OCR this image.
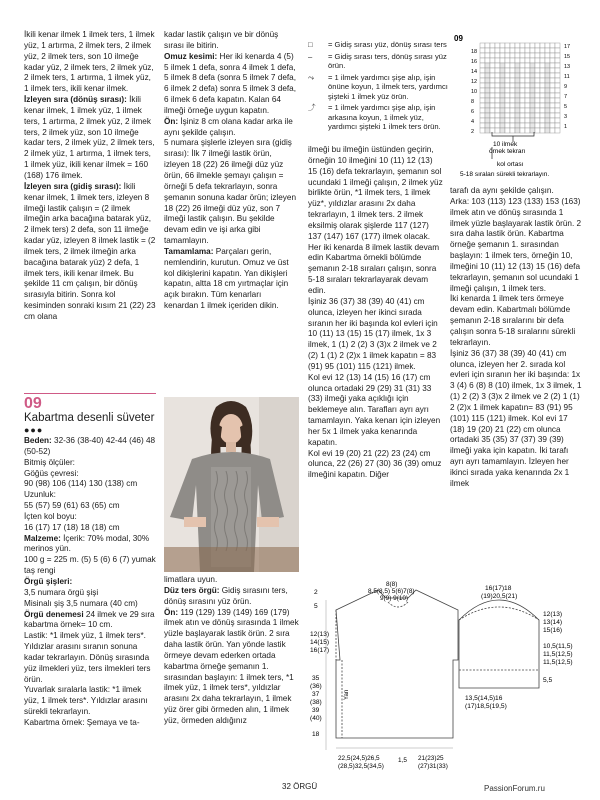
İkili kenar ilmek 1 ilmek ters, 1 ilmek yüz, 1 artırma, 2 ilmek ters, 2 ilmek yüz, 2 ilmek ters, son 10 ilmeğe kadar yüz, 2 ilmek ters, 2 ilmek yüz, 2 ilmek ters, 1 artırma, 1 ilmek yüz, 1 ilmek ters, ikili kenar ilmek.

İzleyen sıra (dönüş sırası): İkili kenar ilmek, 1 ilmek yüz, 1 ilmek ters, 1 artırma, 2 ilmek yüz, 2 ilmek ters, 2 ilmek yüz, son 10 ilmeğe kadar ters, 2 ilmek yüz, 2 ilmek ters, 2 ilmek yüz, 1 artırma, 1 ilmek ters, 1 ilmek yüz, ikili kenar ilmek = 160 (168) 176 ilmek.

İzleyen sıra (gidiş sırası): İkili kenar ilmek, 1 ilmek ters, izleyen 8 ilmeği lastik çalışın = (2 ilmek ilmeğin arka bacağına batarak yüz, 2 ilmek ters) 2 defa, son 11 ilmeğe kadar yüz, izleyen 8 ilmek lastik = (2 ilmek ters, 2 ilmek ilmeğin arka bacağına batarak yüz) 2 defa, 1 ilmek ters, ikili kenar ilmek. Bu şekilde 11 cm çalışın, bir dönüş sırasıyla bitirin. Sonra kol kesiminden sonraki kısım 21 (22) 23 cm olana

09
Kabartma desenli süveter
●●●

Beden: 32-36 (38-40) 42-44 (46) 48 (50-52)

Bitmiş ölçüler:

Göğüs çevresi:

90 (98) 106 (114) 130 (138) cm

Uzunluk:

55 (57) 59 (61) 63 (65) cm

İçten kol boyu:

16 (17) 17 (18) 18 (18) cm

Malzeme: İçerik: 70% modal, 30% merinos yün.

100 g = 225 m. (5) 5 (6) 6 (7) yumak taş rengi

Örgü şişleri:

3,5 numara örgü şişi

Misinalı şiş 3,5 numara (40 cm)

Örgü denemesi 24 ilmek ve 29 sıra kabartma örnek= 10 cm.

Lastik: *1 ilmek yüz, 1 ilmek ters*. Yıldızlar arasını sıranın sonuna kadar tekrarlayın. Dönüş sırasında yüz ilmekleri yüz, ters ilmekleri ters örün.

Yuvarlak sıralarla lastik: *1 ilmek yüz, 1 ilmek ters*. Yıldızlar arasını sürekli tekrarlayın.

Kabartma örnek: Şemaya ve ta-

kadar lastik çalışın ve bir dönüş sırası ile bitirin.

Omuz kesimi: Her iki kenarda 4 (5) 5 ilmek 1 defa, sonra 4 ilmek 1 defa, 5 ilmek 8 defa (sonra 5 ilmek 7 defa, 6 ilmek 2 defa) sonra 5 ilmek 3 defa, 6 ilmek 6 defa kapatın. Kalan 64 ilmeği örneğe uygun kapatın.

Ön: İşiniz 8 cm olana kadar arka ile aynı şekilde çalışın.

5 numara şişlerle izleyen sıra (gidiş sırası): İlk 7 ilmeği lastik örün, izleyen 18 (22) 26 ilmeği düz yüz örün, 66 ilmekle şemayı çalışın = örneği 5 defa tekrarlayın, sonra şemanın sonuna kadar örün; izleyen 18 (22) 26 ilmeği düz yüz, son 7 ilmeği lastik çalışın. Bu şekilde devam edin ve işi arka gibi tamamlayın.

Tamamlama: Parçaları gerin, nemlendirin, kurutun. Omuz ve üst kol dikişlerini kapatın. Yan dikişleri kapatın, altta 18 cm yırtmaçlar için açık bırakın. Tüm kenarları kenardan 1 ilmek içeriden dikin.

limatlara uyun.

Düz ters örgü: Gidiş sırasını ters, dönüş sırasını yüz örün.

Ön: 119 (129) 139 (149) 169 (179) ilmek atın ve dönüş sırasında 1 ilmek yüzle başlayarak lastik örün. 2 sıra daha lastik örün. Yan yönde lastik örmeye devam ederken ortada kabartma örneğe şemanın 1. sırasından başlayın: 1 ilmek ters, *1 ilmek yüz, 1 ilmek ters*, yıldızlar arasını 2x daha tekrarlayın, 1 ilmek yüz örer gibi örmeden alın, 1 ilmek yüz, örmeden aldığınız

□	= Gidiş sırası yüz, dönüş sırası ters
–	= Gidiş sırası ters, dönüş sırası yüz örün.
⤳	= 1 ilmek yardımcı şişe alıp, işin önüne koyun, 1 ilmek ters, yardımcı şişteki 1 ilmek yüz örün.
⤴	= 1 ilmek yardımcı şişe alıp, işin arkasına koyun, 1 ilmek yüz, yardımcı şişteki 1 ilmek ters örün.
09
17
15
13
11
9
7
5
3
1
18
16
14
12
10
8
6
4
2
10 ilmek örnek tekrarı
kol ortası
5-18 sıraları sürekli tekrarlayın.

ilmeği bu ilmeğin üstünden geçirin, örneğin 10 ilmeğini 10 (11) 12 (13) 15 (16) defa tekrarlayın, şemanın sol ucundaki 1 ilmeği çalışın, 2 ilmek yüz birlikte örün, *1 ilmek ters, 1 ilmek yüz*, yıldızlar arasını 2x daha tekrarlayın, 1 ilmek ters. 2 ilmek eksilmiş olarak şişlerde 117 (127) 137 (147) 167 (177) ilmek olacak.

Her iki kenarda 8 ilmek lastik devam edin Kabartma örnekli bölümde şemanın 2-18 sıraları çalışın, sonra 5-18 sıraları tekrarlayarak devam edin.

İşiniz 36 (37) 38 (39) 40 (41) cm olunca, izleyen her ikinci sırada sıranın her iki başında kol evleri için 10 (11) 13 (15) 15 (17) ilmek, 1x 3 ilmek, 1 (1) 2 (2) 3 (3)x 2 ilmek ve 2 (2) 1 (1) 2 (2)x 1 ilmek kapatın = 83 (91) 95 (101) 115 (121) ilmek.

Kol evi 12 (13) 14 (15) 16 (17) cm olunca ortadaki 29 (29) 31 (31) 33 (33) ilmeği yaka açıklığı için beklemeye alın. Tarafları ayrı ayrı tamamlayın. Yaka kenarı için izleyen her 5x 1 ilmek yaka kenarında kapatın.

Kol evi 19 (20) 21 (22) 23 (24) cm olunca, 22 (26) 27 (30) 36 (39) omuz ilmeğini kapatın. Diğer

tarafı da aynı şekilde çalışın.

Arka: 103 (113) 123 (133) 153 (163) ilmek atın ve dönüş sırasında 1 ilmek yüzle başlayarak lastik örün. 2 sıra daha lastik örün. Kabartma örneğe şemanın 1. sırasından başlayın: 1 ilmek ters, örneğin 10, ilmeğini 10 (11) 12 (13) 15 (16) defa tekrarlayın, şemanın sol ucundaki 1 ilmeği çalışın, 1 ilmek ters.

İki kenarda 1 ilmek ters örmeye devam edin. Kabartmalı bölümde şemanın 2-18 sıralarını bir defa çalışın sonra 5-18 sıralarını sürekli tekrarlayın.

İşiniz 36 (37) 38 (39) 40 (41) cm olunca, izleyen her 2. sırada kol evleri için sıranın her iki başında: 1x 3 (4) 6 (8) 8 (10) ilmek, 1x 3 ilmek, 1 (1) 2 (2) 3 (3)x 2 ilmek ve 2 (2) 1 (1) 2 (2)x 1 ilmek kapatın= 83 (91) 95 (101) 115 (121) ilmek. Kol evi 17 (18) 19 (20) 21 (22) cm olunca ortadaki 35 (35) 37 (37) 39 (39) ilmeği yaka için kapatın. İki tarafı ayrı ayrı tamamlayın. İzleyen her ikinci sırada yaka kenarında 2x 1 ilmek

2
5
12(13)
14(15)
16(17)
35
(36)
37
(38)
39
(40)
18
Yan
8(8)
8,5(8,5) 5(6)7(8)
9(9) 9(10)
22,5(24,5)26,5
(28,5)32,5(34,5)
1,5 21(23)25
(27)31(33)
16(17)18
(19)20,5(21)
12(13)
13(14)
15(16)
10,5(11,5)
11,5(12,5)
11,5(12,5)
5,5
13,5(14,5)16
(17)18,5(19,5)
32 ÖRGÜ	PassionForum.ru
